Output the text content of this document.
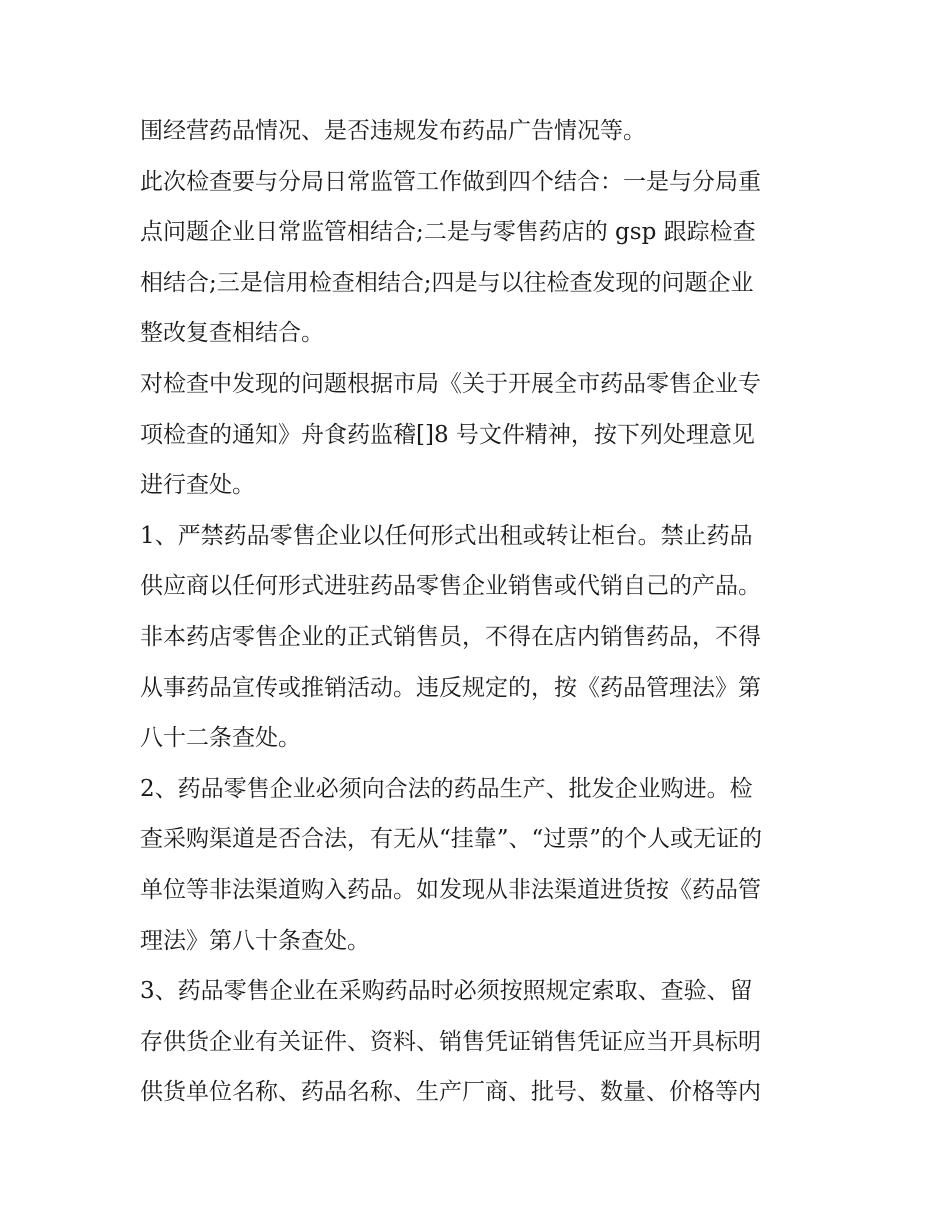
围经营药品情况、是否违规发布药品广告情况等。
此次检查要与分局日常监管工作做到四个结合：一是与分局重
点问题企业日常监管相结合;二是与零售药店的 gsp 跟踪检查
相结合;三是信用检查相结合;四是与以往检查发现的问题企业
整改复查相结合。
对检查中发现的问题根据市局《关于开展全市药品零售企业专
项检查的通知》舟食药监稽[]8 号文件精神，按下列处理意见
进行查处。
1、严禁药品零售企业以任何形式出租或转让柜台。禁止药品
供应商以任何形式进驻药品零售企业销售或代销自己的产品。
非本药店零售企业的正式销售员，不得在店内销售药品，不得
从事药品宣传或推销活动。违反规定的，按《药品管理法》第
八十二条查处。
2、药品零售企业必须向合法的药品生产、批发企业购进。检
查采购渠道是否合法，有无从“挂靠”、“过票”的个人或无证的
单位等非法渠道购入药品。如发现从非法渠道进货按《药品管
理法》第八十条查处。
3、药品零售企业在采购药品时必须按照规定索取、查验、留
存供货企业有关证件、资料、销售凭证销售凭证应当开具标明
供货单位名称、药品名称、生产厂商、批号、数量、价格等内
